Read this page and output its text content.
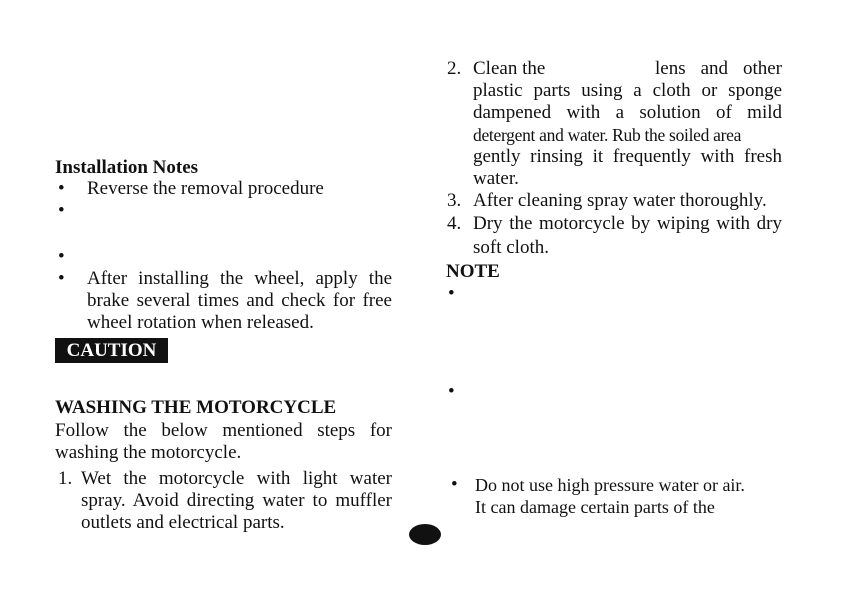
Installation Notes
• Reverse the removal procedure
•
•
• After installing the wheel, apply the
brake several times and check for free
wheel rotation when released.
CAUTION
WASHING THE MOTORCYCLE
Follow the below mentioned steps for
washing the motorcycle.
1. Wet the motorcycle with light water
spray. Avoid directing water to muffler
outlets and electrical parts.
2. Clean the	lens and other
plastic parts using a cloth or sponge
dampened with a solution of mild
detergent and water. Rub the soiled area
gently rinsing it frequently with fresh
water.
3. After cleaning spray water thoroughly.
4. Dry the motorcycle by wiping with dry
soft cloth.
NOTE
•
•
• Do not use high pressure water or air.
It can damage certain parts of the
